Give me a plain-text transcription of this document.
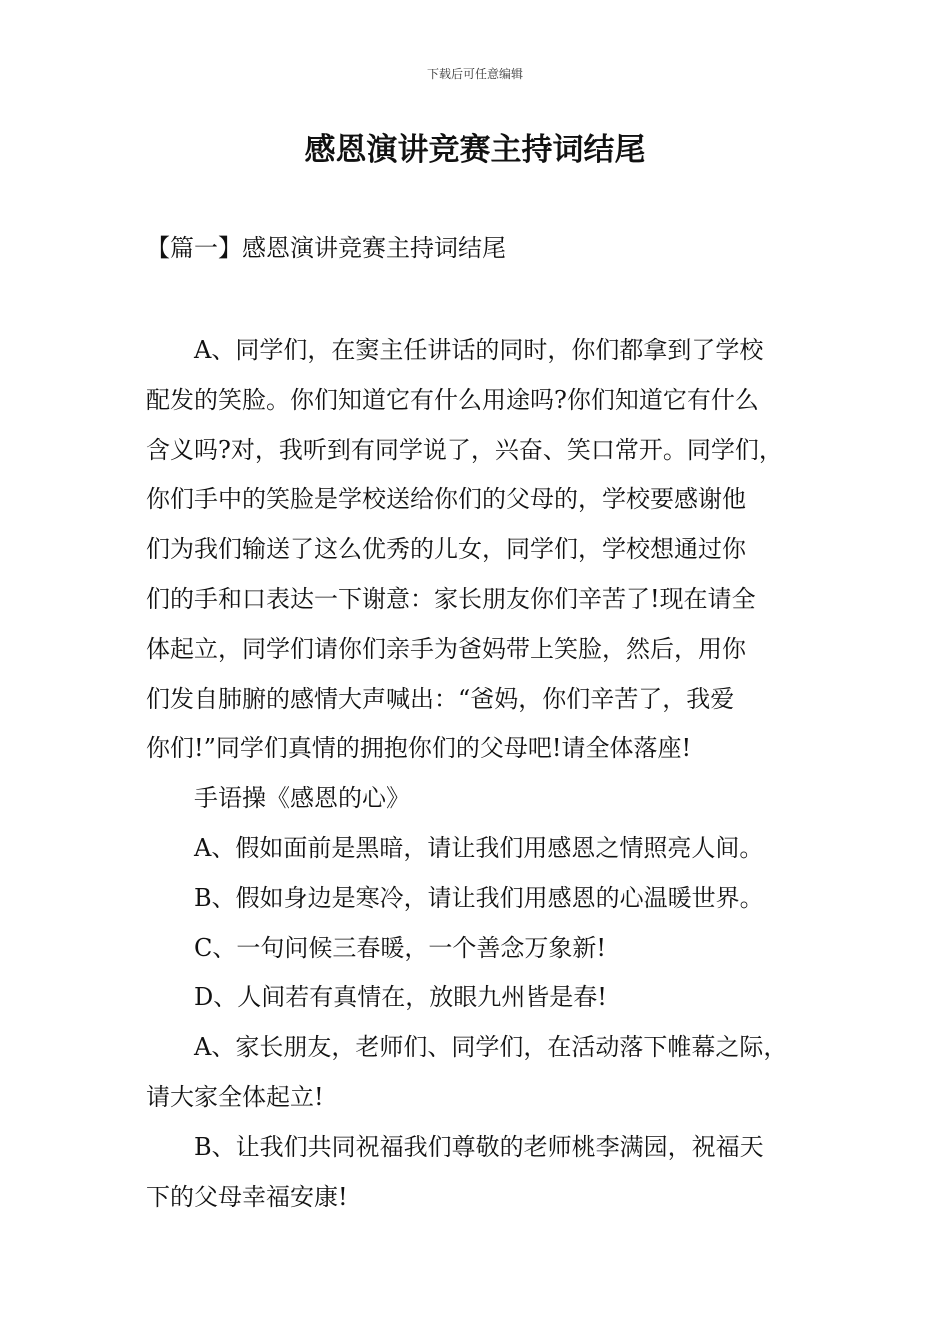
下载后可任意编辑
感恩演讲竞赛主持词结尾
【篇一】感恩演讲竞赛主持词结尾
A、同学们，在窦主任讲话的同时，你们都拿到了学校
配发的笑脸。你们知道它有什么用途吗?你们知道它有什么
含义吗?对，我听到有同学说了，兴奋、笑口常开。同学们，
你们手中的笑脸是学校送给你们的父母的，学校要感谢他
们为我们输送了这么优秀的儿女，同学们，学校想通过你
们的手和口表达一下谢意：家长朋友你们辛苦了!现在请全
体起立，同学们请你们亲手为爸妈带上笑脸，然后，用你
们发自肺腑的感情大声喊出：“爸妈，你们辛苦了，我爱
你们!”同学们真情的拥抱你们的父母吧!请全体落座!
手语操《感恩的心》
A、假如面前是黑暗，请让我们用感恩之情照亮人间。
B、假如身边是寒冷，请让我们用感恩的心温暖世界。
C、一句问候三春暖，一个善念万象新!
D、人间若有真情在，放眼九州皆是春!
A、家长朋友，老师们、同学们，在活动落下帷幕之际，
请大家全体起立!
B、让我们共同祝福我们尊敬的老师桃李满园，祝福天
下的父母幸福安康!
